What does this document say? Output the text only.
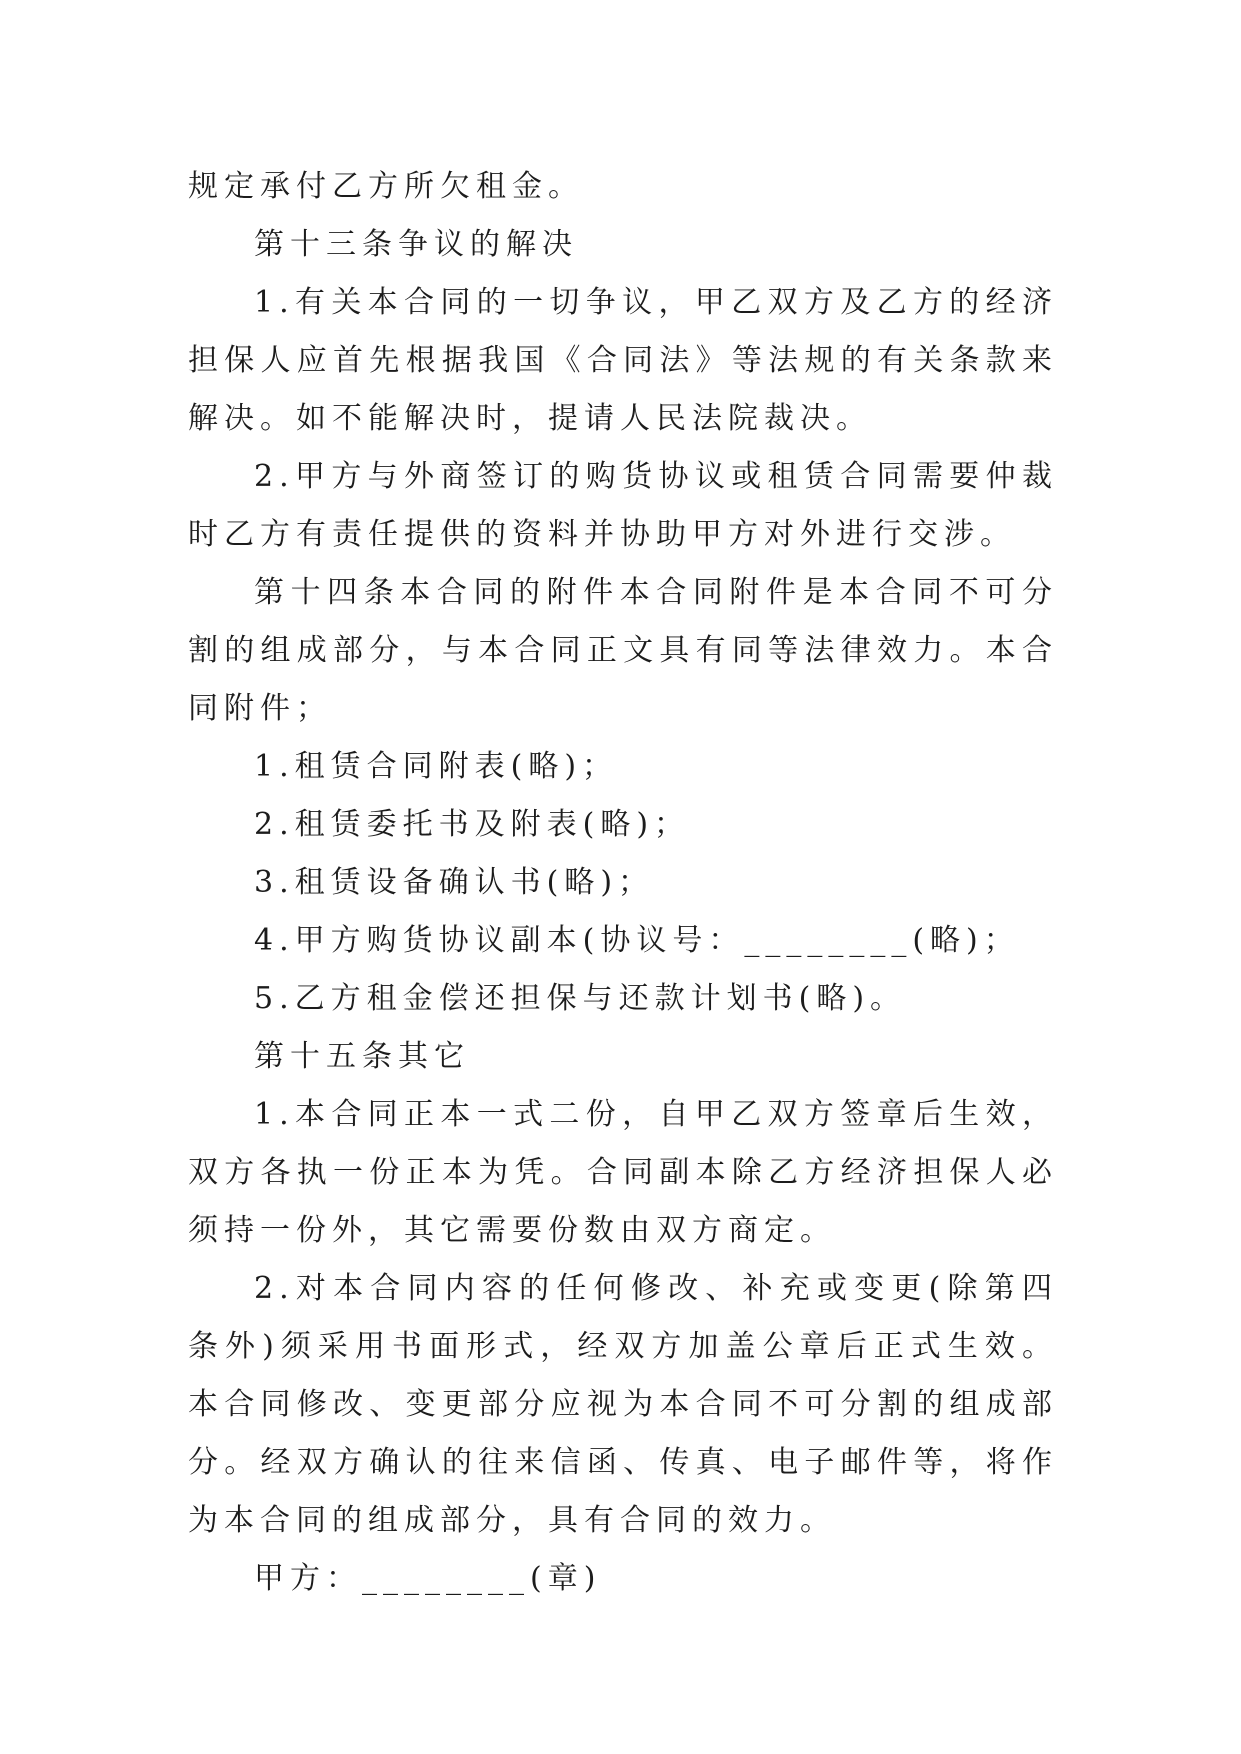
规定承付乙方所欠租金。

第十三条争议的解决

1.有关本合同的一切争议，甲乙双方及乙方的经济担保人应首先根据我国《合同法》等法规的有关条款来解决。如不能解决时，提请人民法院裁决。

2.甲方与外商签订的购货协议或租赁合同需要仲裁时乙方有责任提供的资料并协助甲方对外进行交涉。

第十四条本合同的附件本合同附件是本合同不可分割的组成部分，与本合同正文具有同等法律效力。本合同附件；

1.租赁合同附表(略)；

2.租赁委托书及附表(略)；

3.租赁设备确认书(略)；

4.甲方购货协议副本(协议号：________(略)；

5.乙方租金偿还担保与还款计划书(略)。

第十五条其它

1.本合同正本一式二份，自甲乙双方签章后生效，双方各执一份正本为凭。合同副本除乙方经济担保人必须持一份外，其它需要份数由双方商定。

2.对本合同内容的任何修改、补充或变更(除第四条外)须采用书面形式，经双方加盖公章后正式生效。本合同修改、变更部分应视为本合同不可分割的组成部分。经双方确认的往来信函、传真、电子邮件等，将作为本合同的组成部分，具有合同的效力。

甲方：________(章)
